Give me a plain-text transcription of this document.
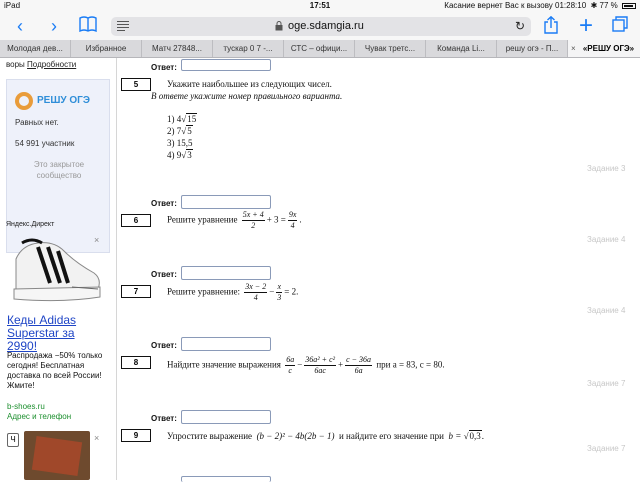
iPad	17:51	Касание вернет Вас к вызову 01:28:10 ✱ 77 %
‹	›	oge.sdamgia.ru	↻ +
Молодая дев...	Избранное	Матч 27848...	тускар 0 7 -...	СТС – офици...	Чувак третс...	Команда Li...	решу огэ - П...	× «РЕШУ ОГЭ»
воры Подробности
РЕШУ ОГЭ
Равных нет.
54 991 участник
Это закрытое сообщество
Яндекс.Директ
×
Кеды Adidas Superstar за 2990!
Распродажа −50% только сегодня! Бесплатная доставка по всей России! Жмите!
b-shoes.ru
Адрес и телефон
Ч	×
Ответ:
5	Укажите наибольшее из следующих чисел.
В ответе укажите номер правильного варианта.
1) 4√15
2) 7√5
3) 15,5
4) 9√3
Задание 3
Ответ:
6	Решите уравнение $\frac{5x + 4}{2} + 3 = \frac{9x}{4}$ .
Задание 4
Ответ:
7	Решите уравнение: $\frac{3x - 2}{4} - \frac{x}{3} = 2$.
Задание 4
Ответ:
8	Найдите значение выражения $\frac{6a}{c} - \frac{\text{36a² + c²}}{6ac} + \frac{c - 36a}{6a}$ при a = 83, c = 80.
Задание 7
Ответ:
9	Упростите выражение (b − 2)² − 4b(2b − 1) и найдите его значение при b = √0,3.
Задание 7
